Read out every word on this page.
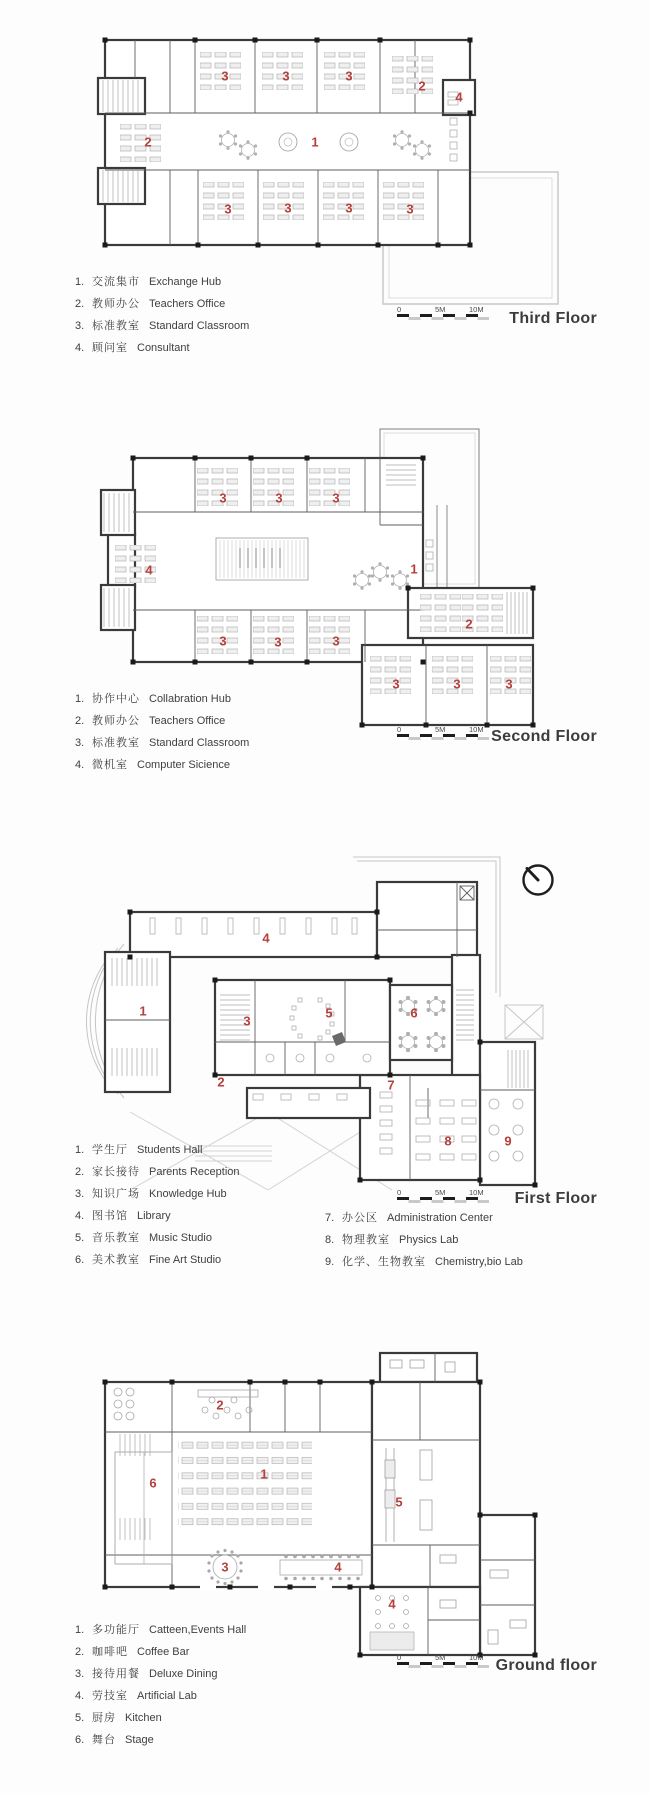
3	3	3
2
4
2	1
3	3	3	3
3	3	3
4	1
2
3	3	3
3	3	3
4
1
3
5	6
2	7
8	9
2
1
6
5
3	4
4
1. 交流集市 Exchange Hub
2. 教师办公 Teachers Office
3. 标准教室 Standard Classroom
4. 顾问室 Consultant
1. 协作中心 Collabration Hub
2. 教师办公 Teachers Office
3. 标准教室 Standard Classroom
4. 微机室 Computer Sicience
1. 学生厅 Students Hall
2. 家长接待 Parents Reception
3. 知识广场 Knowledge Hub
4. 图书馆 Library
5. 音乐教室 Music Studio
6. 美术教室 Fine Art Studio
7. 办公区 Administration Center
8. 物理教室 Physics Lab
9. 化学、生物教室 Chemistry,bio Lab
1. 多功能厅 Catteen,Events Hall
2. 咖啡吧 Coffee Bar
3. 接待用餐 Deluxe Dining
4. 劳技室 Artificial Lab
5. 厨房 Kitchen
6. 舞台 Stage
0	5M	10M
0	5M	10M
0	5M	10M
0	5M	10M
Third Floor
Second Floor
First Floor
Ground floor
